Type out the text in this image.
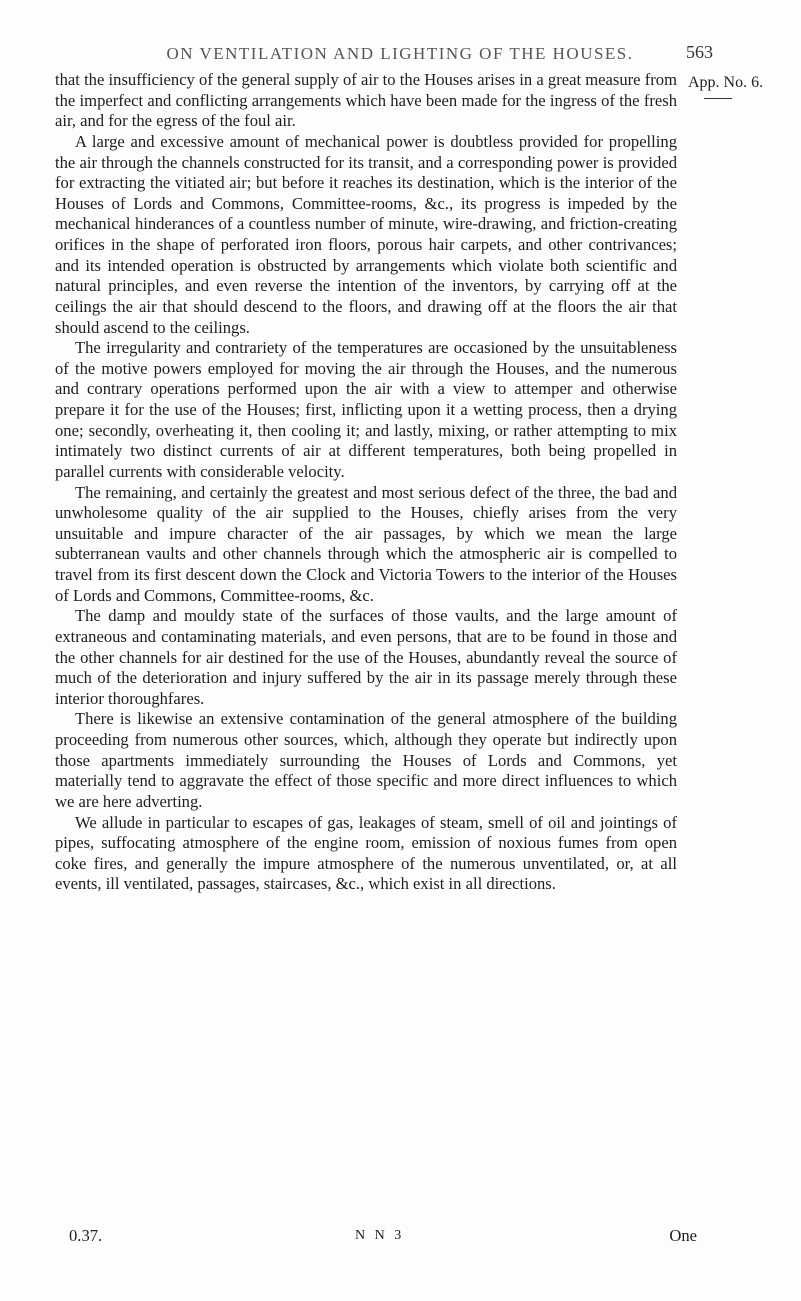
ON VENTILATION AND LIGHTING OF THE HOUSES.	563
App. No. 6.

that the insufficiency of the general supply of air to the Houses arises in a great measure from the imperfect and conflicting arrangements which have been made for the ingress of the fresh air, and for the egress of the foul air.

A large and excessive amount of mechanical power is doubtless provided for propelling the air through the channels constructed for its transit, and a corresponding power is provided for extracting the vitiated air; but before it reaches its destination, which is the interior of the Houses of Lords and Commons, Committee-rooms, &c., its progress is impeded by the mechanical hinderances of a countless number of minute, wire-drawing, and friction-creating orifices in the shape of perforated iron floors, porous hair carpets, and other contrivances; and its intended operation is obstructed by arrangements which violate both scientific and natural principles, and even reverse the intention of the inventors, by carrying off at the ceilings the air that should descend to the floors, and drawing off at the floors the air that should ascend to the ceilings.

The irregularity and contrariety of the temperatures are occasioned by the unsuitableness of the motive powers employed for moving the air through the Houses, and the numerous and contrary operations performed upon the air with a view to attemper and otherwise prepare it for the use of the Houses; first, inflicting upon it a wetting process, then a drying one; secondly, overheating it, then cooling it; and lastly, mixing, or rather attempting to mix intimately two distinct currents of air at different temperatures, both being propelled in parallel currents with considerable velocity.

The remaining, and certainly the greatest and most serious defect of the three, the bad and unwholesome quality of the air supplied to the Houses, chiefly arises from the very unsuitable and impure character of the air passages, by which we mean the large subterranean vaults and other channels through which the atmospheric air is compelled to travel from its first descent down the Clock and Victoria Towers to the interior of the Houses of Lords and Commons, Committee-rooms, &c.

The damp and mouldy state of the surfaces of those vaults, and the large amount of extraneous and contaminating materials, and even persons, that are to be found in those and the other channels for air destined for the use of the Houses, abundantly reveal the source of much of the deterioration and injury suffered by the air in its passage merely through these interior thoroughfares.

There is likewise an extensive contamination of the general atmosphere of the building proceeding from numerous other sources, which, although they operate but indirectly upon those apartments immediately surrounding the Houses of Lords and Commons, yet materially tend to aggravate the effect of those specific and more direct influences to which we are here adverting.

We allude in particular to escapes of gas, leakages of steam, smell of oil and jointings of pipes, suffocating atmosphere of the engine room, emission of noxious fumes from open coke fires, and generally the impure atmosphere of the numerous unventilated, or, at all events, ill ventilated, passages, staircases, &c., which exist in all directions.

0.37.	N N 3	One
